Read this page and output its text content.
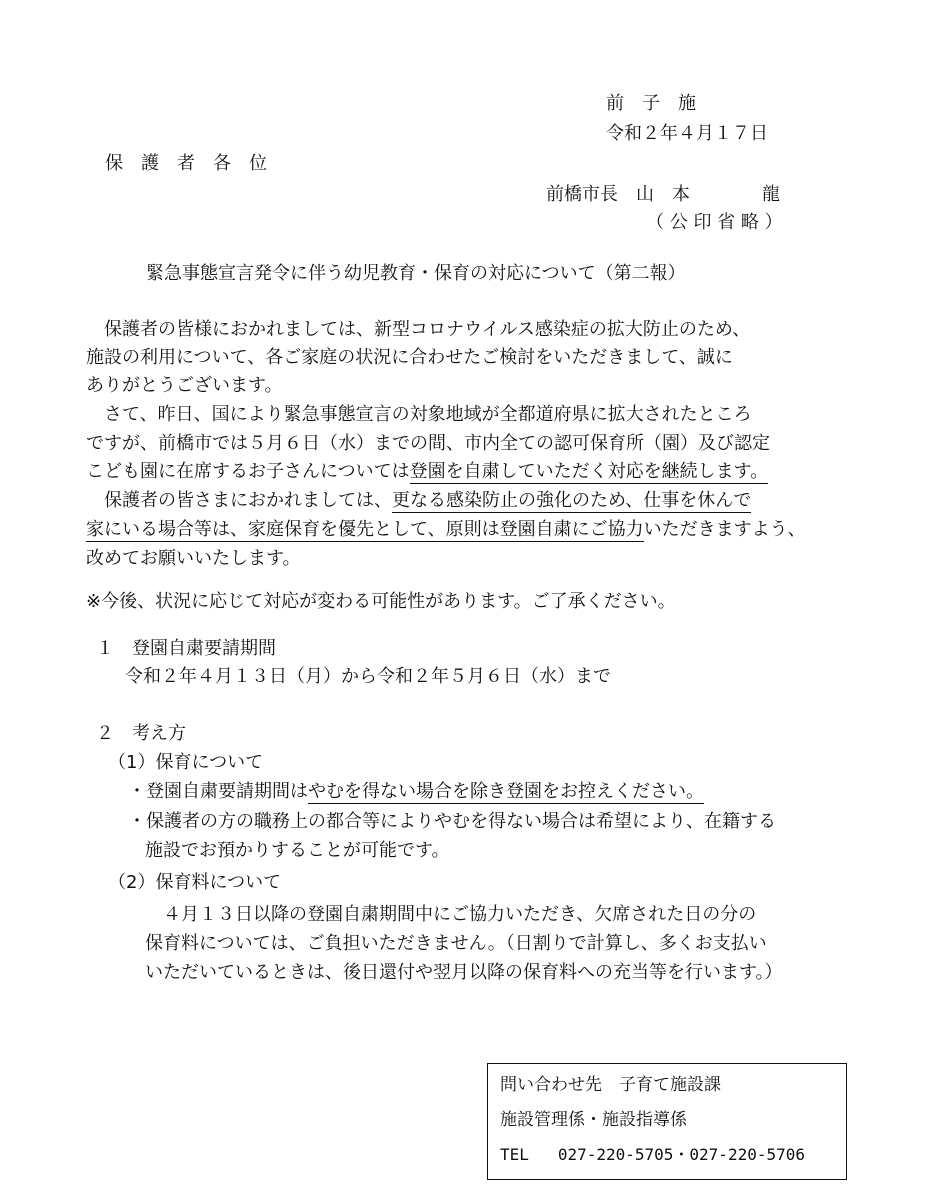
前　子　施
令和２年４月１７日
保　護　者　各　位
前橋市長　山　本　　　　龍
（ 公 印 省 略 ）
緊急事態宣言発令に伴う幼児教育・保育の対応について（第二報）
　保護者の皆様におかれましては、新型コロナウイルス感染症の拡大防止のため、
施設の利用について、各ご家庭の状況に合わせたご検討をいただきまして、誠に
ありがとうございます。
　さて、昨日、国により緊急事態宣言の対象地域が全都道府県に拡大されたところ
ですが、前橋市では５月６日（水）までの間、市内全ての認可保育所（園）及び認定
こども園に在席するお子さんについては登園を自粛していただく対応を継続します。
　保護者の皆さまにおかれましては、更なる感染防止の強化のため、仕事を休んで
家にいる場合等は、家庭保育を優先として、原則は登園自粛にご協力いただきますよう、
改めてお願いいたします。
※今後、状況に応じて対応が変わる可能性があります。ご了承ください。
１　登園自粛要請期間
令和２年４月１３日（月）から令和２年５月６日（水）まで
２　考え方
（1）保育について
・登園自粛要請期間はやむを得ない場合を除き登園をお控えください。
・保護者の方の職務上の都合等によりやむを得ない場合は希望により、在籍する
施設でお預かりすることが可能です。
（2）保育料について
４月１３日以降の登園自粛期間中にご協力いただき、欠席された日の分の
保育料については、ご負担いただきません。（日割りで計算し、多くお支払い
いただいているときは、後日還付や翌月以降の保育料への充当等を行います。）
問い合わせ先　子育て施設課
施設管理係・施設指導係
TEL 027-220-5705・027-220-5706
